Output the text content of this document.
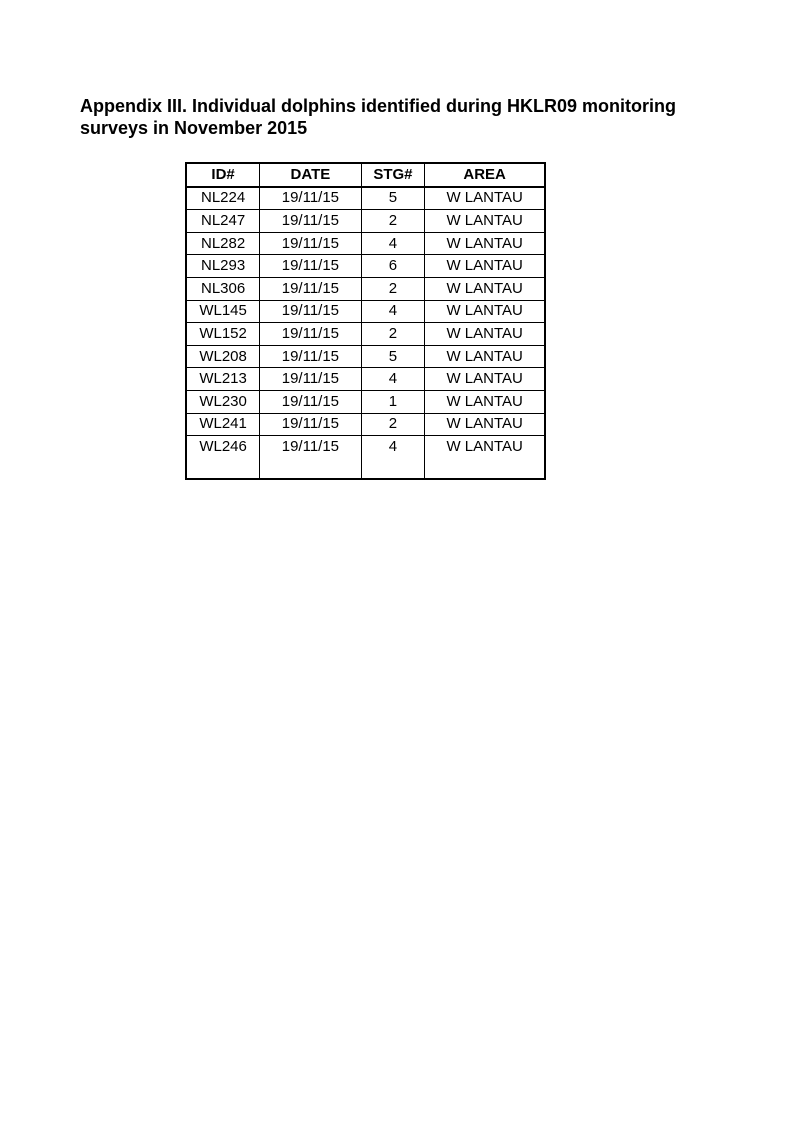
Appendix III. Individual dolphins identified during HKLR09 monitoring
surveys in November 2015
ID#	DATE	STG#	AREA
NL224	19/11/15	5	W LANTAU
NL247	19/11/15	2	W LANTAU
NL282	19/11/15	4	W LANTAU
NL293	19/11/15	6	W LANTAU
NL306	19/11/15	2	W LANTAU
WL145	19/11/15	4	W LANTAU
WL152	19/11/15	2	W LANTAU
WL208	19/11/15	5	W LANTAU
WL213	19/11/15	4	W LANTAU
WL230	19/11/15	1	W LANTAU
WL241	19/11/15	2	W LANTAU
WL246	19/11/15	4	W LANTAU
